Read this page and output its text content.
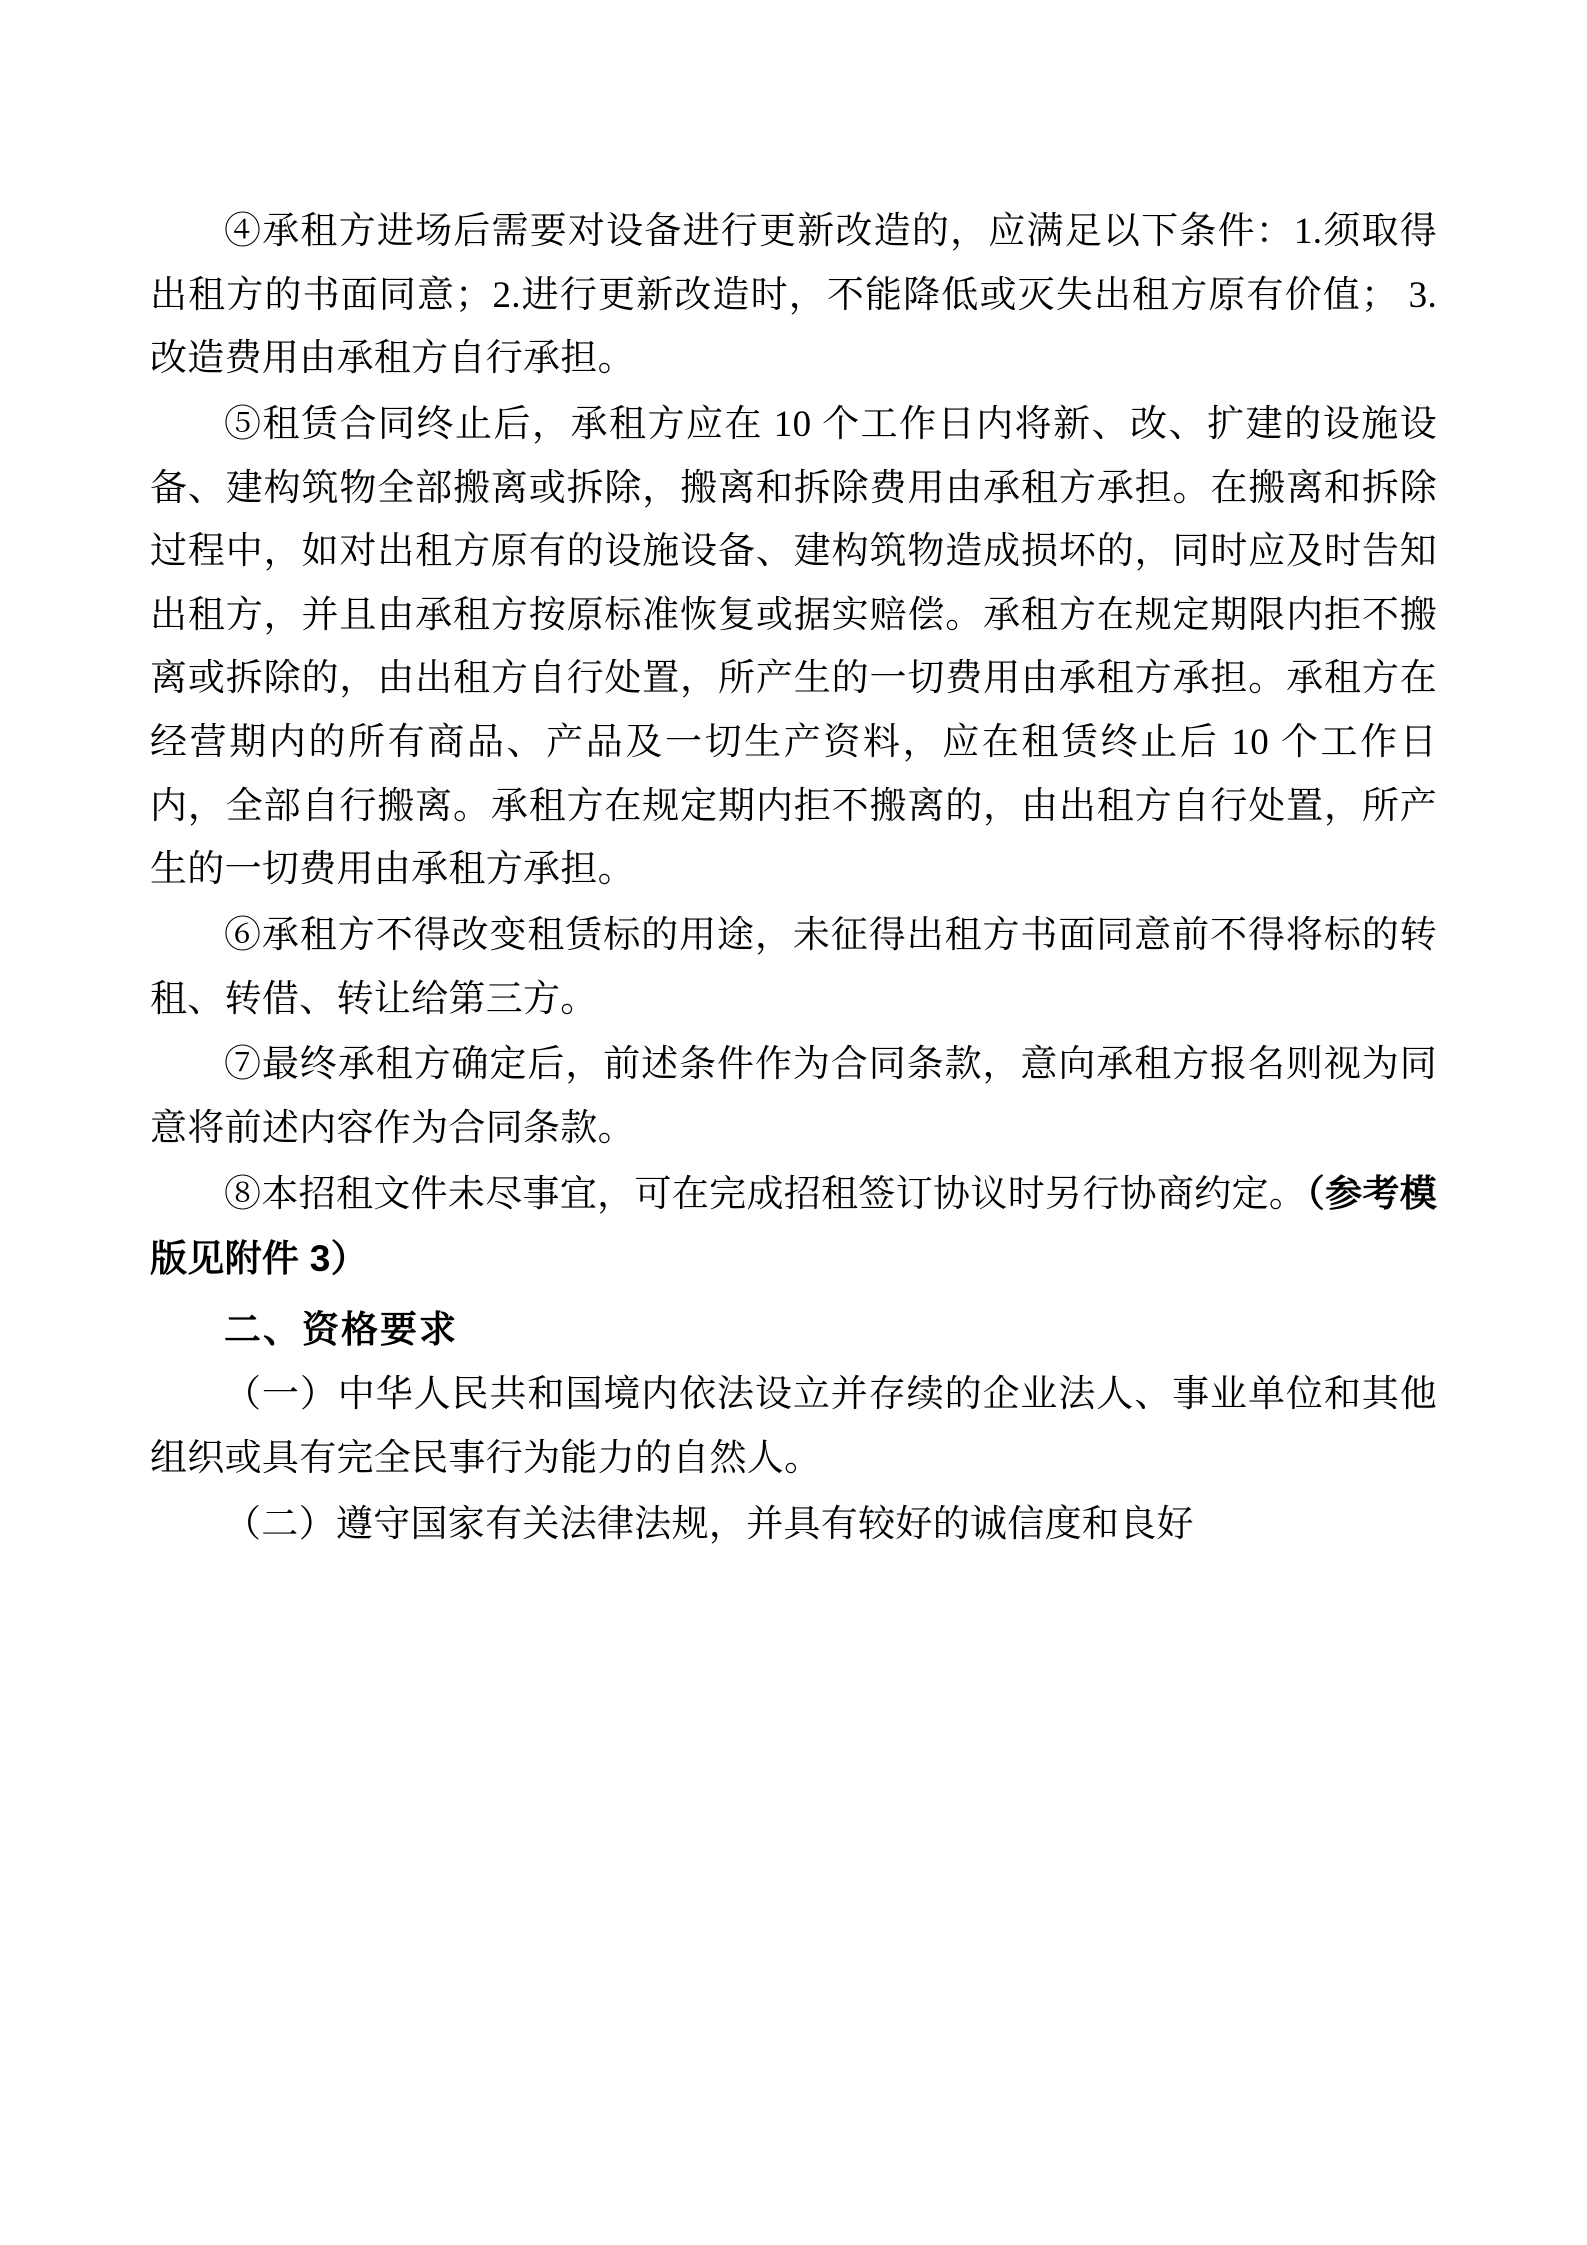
④承租方进场后需要对设备进行更新改造的，应满足以下条件：1.须取得出租方的书面同意；2.进行更新改造时，不能降低或灭失出租方原有价值； 3.改造费用由承租方自行承担。

⑤租赁合同终止后，承租方应在 10 个工作日内将新、改、扩建的设施设备、建构筑物全部搬离或拆除，搬离和拆除费用由承租方承担。在搬离和拆除过程中，如对出租方原有的设施设备、建构筑物造成损坏的，同时应及时告知出租方，并且由承租方按原标准恢复或据实赔偿。承租方在规定期限内拒不搬离或拆除的，由出租方自行处置，所产生的一切费用由承租方承担。承租方在经营期内的所有商品、产品及一切生产资料，应在租赁终止后 10 个工作日内，全部自行搬离。承租方在规定期内拒不搬离的，由出租方自行处置，所产生的一切费用由承租方承担。

⑥承租方不得改变租赁标的用途，未征得出租方书面同意前不得将标的转租、转借、转让给第三方。

⑦最终承租方确定后，前述条件作为合同条款，意向承租方报名则视为同意将前述内容作为合同条款。

⑧本招租文件未尽事宜，可在完成招租签订协议时另行协商约定。（参考模版见附件 3）

二、资格要求

（一）中华人民共和国境内依法设立并存续的企业法人、事业单位和其他组织或具有完全民事行为能力的自然人。

（二）遵守国家有关法律法规，并具有较好的诚信度和良好
